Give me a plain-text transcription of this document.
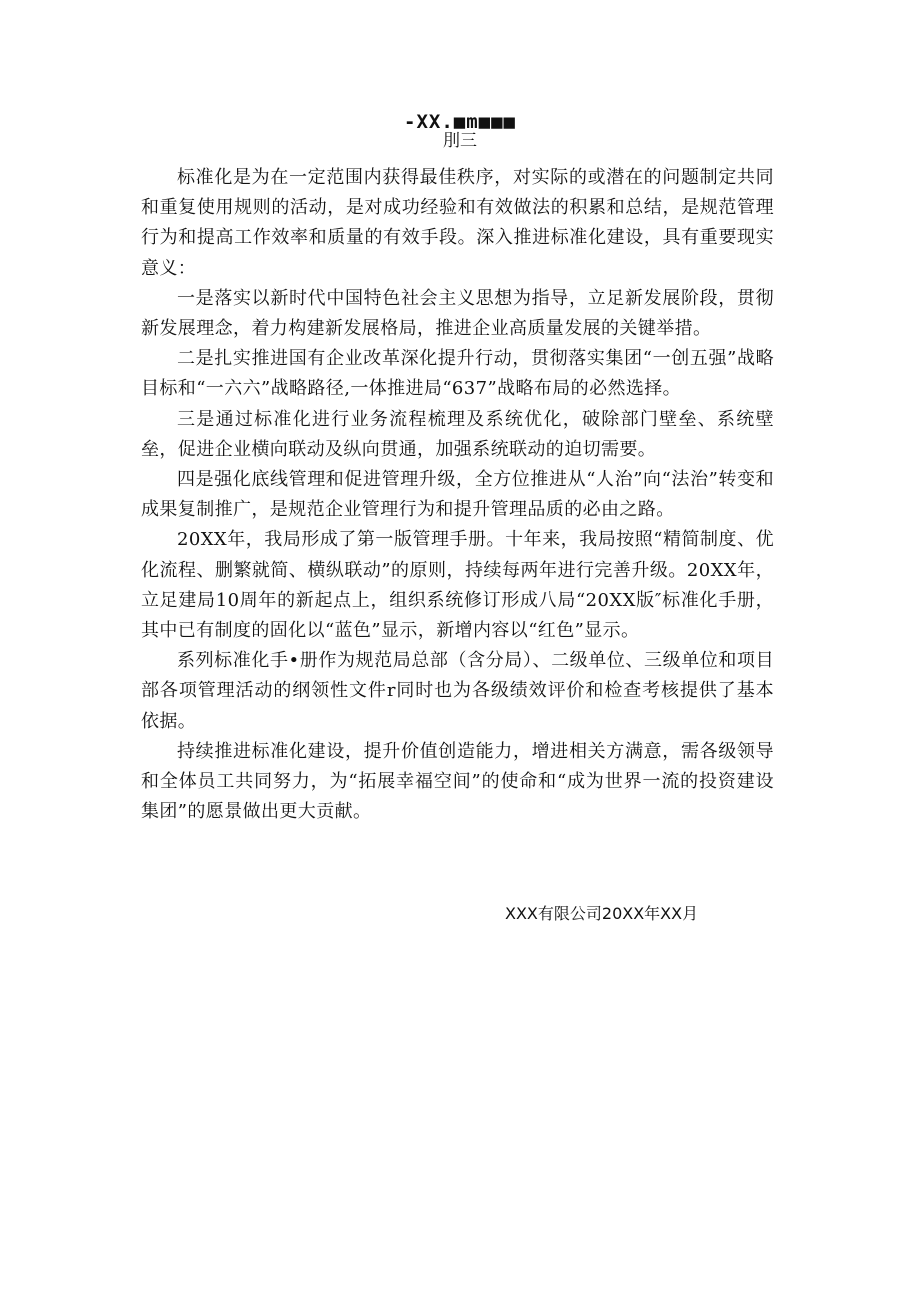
-XX.■m■■■
刖三

标准化是为在一定范围内获得最佳秩序，对实际的或潜在的问题制定共同和重复使用规则的活动，是对成功经验和有效做法的积累和总结，是规范管理行为和提高工作效率和质量的有效手段。深入推进标准化建设，具有重要现实意义：

一是落实以新时代中国特色社会主义思想为指导，立足新发展阶段，贯彻新发展理念，着力构建新发展格局，推进企业高质量发展的关键举措。

二是扎实推进国有企业改革深化提升行动，贯彻落实集团“一创五强”战略目标和“一六六”战略路径,一体推进局“637”战略布局的必然选择。

三是通过标准化进行业务流程梳理及系统优化，破除部门壁垒、系统壁垒，促进企业横向联动及纵向贯通，加强系统联动的迫切需要。

四是强化底线管理和促进管理升级，全方位推进从“人治”向“法治”转变和成果复制推广，是规范企业管理行为和提升管理品质的必由之路。

20XX年，我局形成了第一版管理手册。十年来，我局按照“精简制度、优化流程、删繁就简、横纵联动”的原则，持续每两年进行完善升级。20XX年，立足建局10周年的新起点上，组织系统修订形成八局“20XX版″标准化手册，其中已有制度的固化以“蓝色”显示，新增内容以“红色”显示。

系列标准化手•册作为规范局总部（含分局）、二级单位、三级单位和项目部各项管理活动的纲领性文件r同时也为各级绩效评价和检查考核提供了基本依据。

持续推进标准化建设，提升价值创造能力，增进相关方满意，需各级领导和全体员工共同努力，为“拓展幸福空间”的使命和“成为世界一流的投资建设集团”的愿景做出更大贡献。

XXX有限公司20XX年XX月
